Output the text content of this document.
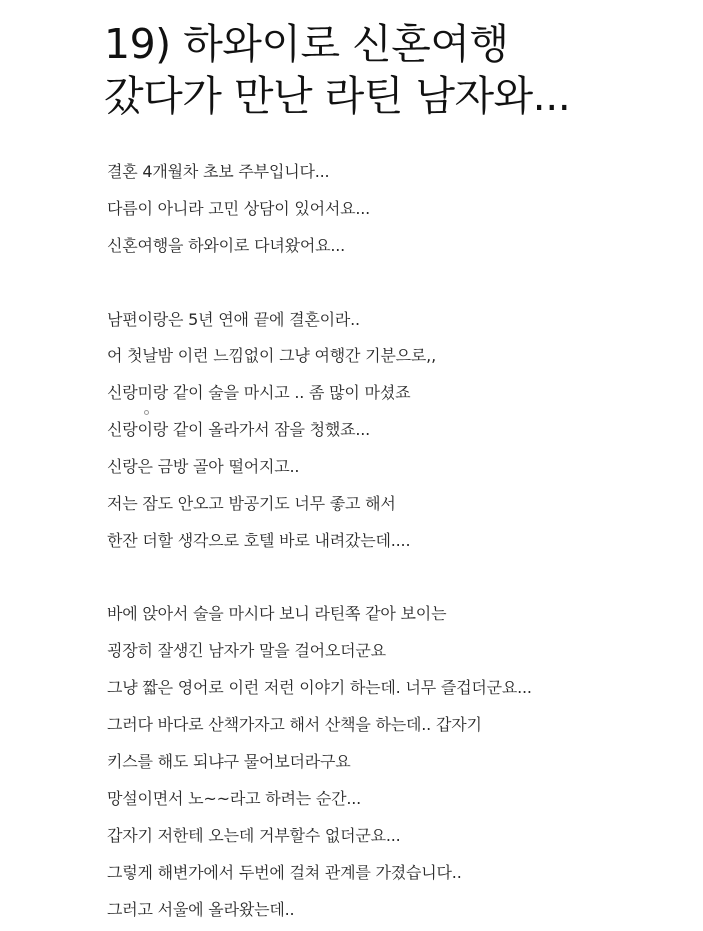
19) 하와이로 신혼여행
갔다가 만난 라틴 남자와...
결혼 4개월차 초보 주부입니다...
다름이 아니라 고민 상담이 있어서요...
신혼여행을 하와이로 다녀왔어요...
남편이랑은 5년 연애 끝에 결혼이라..
어 첫날밤 이런 느낌없이 그냥 여행간 기분으로,,
신랑미랑 같이 술을 마시고 .. 좀 많이 마셨죠
신랑이랑 같이 올라가서 잠을 청했죠...
신랑은 금방 골아 떨어지고..
저는 잠도 안오고 밤공기도 너무 좋고 해서
한잔 더할 생각으로 호텔 바로 내려갔는데....
바에 앉아서 술을 마시다 보니 라틴쪽 같아 보이는
굉장히 잘생긴 남자가 말을 걸어오더군요
그냥 짧은 영어로 이런 저런 이야기 하는데. 너무 즐겁더군요...
그러다 바다로 산책가자고 해서 산책을 하는데.. 갑자기
키스를 해도 되냐구 물어보더라구요
망설이면서 노~~라고 하려는 순간...
갑자기 저한테 오는데 거부할수 없더군요...
그렇게 해변가에서 두번에 걸쳐 관계를 가졌습니다..
그러고 서울에 올라왔는데..
